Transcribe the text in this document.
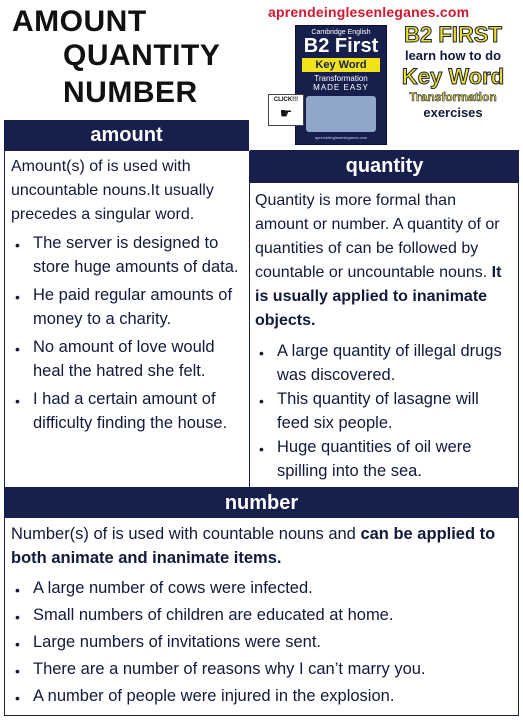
AMOUNT
QUANTITY
NUMBER
aprendeinglesenleganes.com
Cambridge English
B2 First
Key Word
Transformation
MADE EASY
aprendeinglesenleganes.com
CLICK!!!
☛
B2 FIRST
learn how to do
Key Word
Transformation
exercises
amount
Amount(s) of is used with uncountable nouns.It usually precedes a singular word.
• The server is designed to store huge amounts of data.
• He paid regular amounts of money to a charity.
• No amount of love would heal the hatred she felt.
• I had a certain amount of difficulty finding the house.
quantity
Quantity is more formal than amount or number. A quantity of or quantities of can be followed by countable or uncountable nouns. It is usually applied to inanimate objects.
• A large quantity of illegal drugs was discovered.
• This quantity of lasagne will feed six people.
• Huge quantities of oil were spilling into the sea.
number
Number(s) of is used with countable nouns and can be applied to both animate and inanimate items.
• A large number of cows were infected.
• Small numbers of children are educated at home.
• Large numbers of invitations were sent.
• There are a number of reasons why I can’t marry you.
• A number of people were injured in the explosion.
